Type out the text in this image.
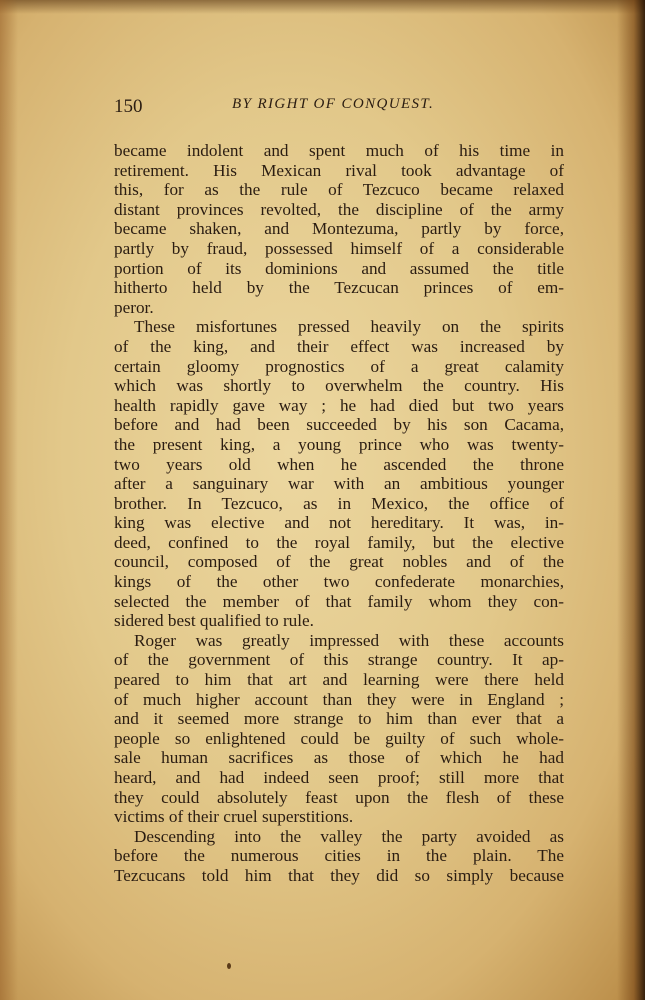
150	BY RIGHT OF CONQUEST.
became indolent and spent much of his time in
retirement. His Mexican rival took advantage of
this, for as the rule of Tezcuco became relaxed
distant provinces revolted, the discipline of the army
became shaken, and Montezuma, partly by force,
partly by fraud, possessed himself of a considerable
portion of its dominions and assumed the title
hitherto held by the Tezcucan princes of em-
peror.
These misfortunes pressed heavily on the spirits
of the king, and their effect was increased by
certain gloomy prognostics of a great calamity
which was shortly to overwhelm the country. His
health rapidly gave way ; he had died but two years
before and had been succeeded by his son Cacama,
the present king, a young prince who was twenty-
two years old when he ascended the throne
after a sanguinary war with an ambitious younger
brother. In Tezcuco, as in Mexico, the office of
king was elective and not hereditary. It was, in-
deed, confined to the royal family, but the elective
council, composed of the great nobles and of the
kings of the other two confederate monarchies,
selected the member of that family whom they con-
sidered best qualified to rule.
Roger was greatly impressed with these accounts
of the government of this strange country. It ap-
peared to him that art and learning were there held
of much higher account than they were in England ;
and it seemed more strange to him than ever that a
people so enlightened could be guilty of such whole-
sale human sacrifices as those of which he had
heard, and had indeed seen proof; still more that
they could absolutely feast upon the flesh of these
victims of their cruel superstitions.
Descending into the valley the party avoided as
before the numerous cities in the plain. The
Tezcucans told him that they did so simply because
